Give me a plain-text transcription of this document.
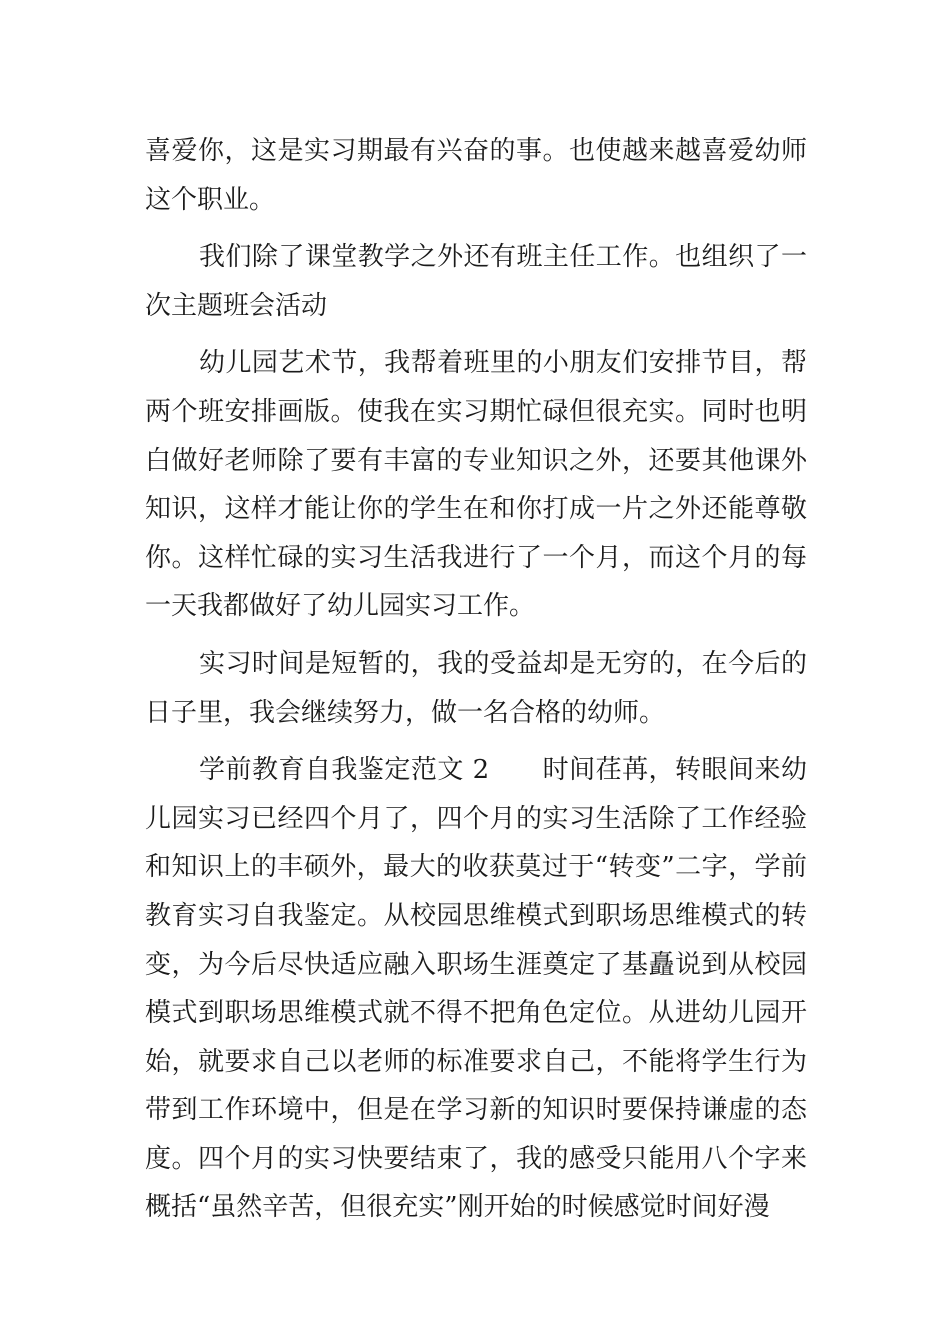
喜爱你，这是实习期最有兴奋的事。也使越来越喜爱幼师这个职业。

我们除了课堂教学之外还有班主任工作。也组织了一次主题班会活动

幼儿园艺术节，我帮着班里的小朋友们安排节目，帮两个班安排画版。使我在实习期忙碌但很充实。同时也明白做好老师除了要有丰富的专业知识之外，还要其他课外知识，这样才能让你的学生在和你打成一片之外还能尊敬你。这样忙碌的实习生活我进行了一个月，而这个月的每一天我都做好了幼儿园实习工作。

实习时间是短暂的，我的受益却是无穷的，在今后的日子里，我会继续努力，做一名合格的幼师。

学前教育自我鉴定范文 2　　时间荏苒，转眼间来幼儿园实习已经四个月了，四个月的实习生活除了工作经验和知识上的丰硕外，最大的收获莫过于“转变”二字，学前教育实习自我鉴定。从校园思维模式到职场思维模式的转变，为今后尽快适应融入职场生涯奠定了基矗说到从校园模式到职场思维模式就不得不把角色定位。从进幼儿园开始，就要求自己以老师的标准要求自己，不能将学生行为带到工作环境中，但是在学习新的知识时要保持谦虚的态度。四个月的实习快要结束了，我的感受只能用八个字来概括“虽然辛苦，但很充实”刚开始的时候感觉时间好漫
